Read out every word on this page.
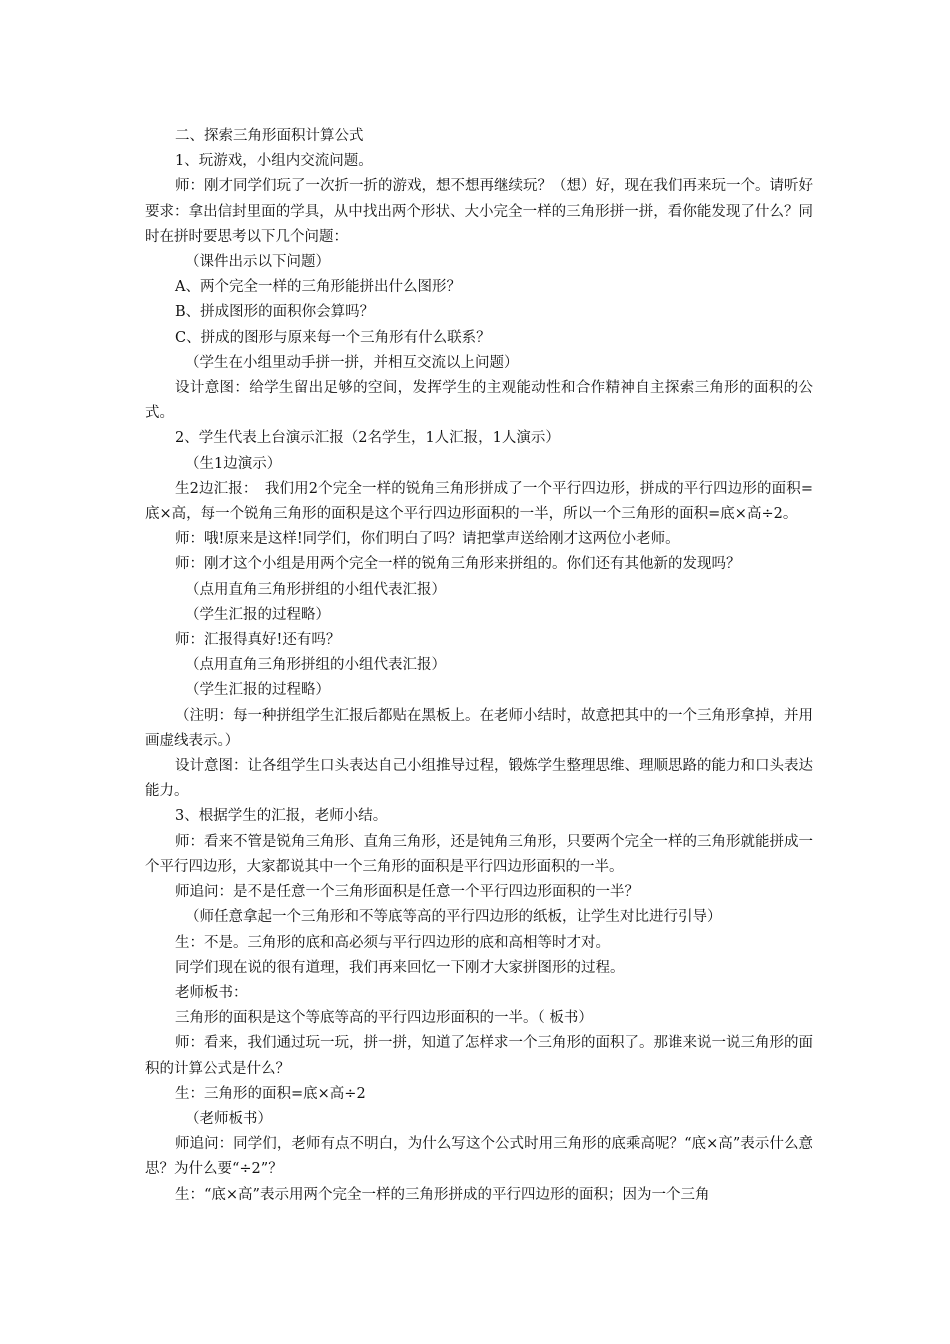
二、探索三角形面积计算公式

1、玩游戏，小组内交流问题。

师：刚才同学们玩了一次折一折的游戏，想不想再继续玩？（想）好，现在我们再来玩一个。请听好要求：拿出信封里面的学具，从中找出两个形状、大小完全一样的三角形拼一拼，看你能发现了什么？同时在拼时要思考以下几个问题：

（课件出示以下问题）

A、两个完全一样的三角形能拼出什么图形？

B、拼成图形的面积你会算吗？

C、拼成的图形与原来每一个三角形有什么联系？

（学生在小组里动手拼一拼，并相互交流以上问题）

设计意图：给学生留出足够的空间，发挥学生的主观能动性和合作精神自主探索三角形的面积的公式。

2、学生代表上台演示汇报（2名学生，1人汇报，1人演示）

（生1边演示）

生2边汇报：　我们用2个完全一样的锐角三角形拼成了一个平行四边形，拼成的平行四边形的面积=底×高，每一个锐角三角形的面积是这个平行四边形面积的一半，所以一个三角形的面积=底×高÷2。

师：哦!原来是这样!同学们，你们明白了吗？请把掌声送给刚才这两位小老师。

师：刚才这个小组是用两个完全一样的锐角三角形来拼组的。你们还有其他新的发现吗？

（点用直角三角形拼组的小组代表汇报）

（学生汇报的过程略）

师：汇报得真好!还有吗？

（点用直角三角形拼组的小组代表汇报）

（学生汇报的过程略）

（注明：每一种拼组学生汇报后都贴在黑板上。在老师小结时，故意把其中的一个三角形拿掉，并用画虚线表示。）

设计意图：让各组学生口头表达自己小组推导过程，锻炼学生整理思维、理顺思路的能力和口头表达能力。

3、根据学生的汇报，老师小结。

师：看来不管是锐角三角形、直角三角形，还是钝角三角形，只要两个完全一样的三角形就能拼成一个平行四边形，大家都说其中一个三角形的面积是平行四边形面积的一半。

师追问：是不是任意一个三角形面积是任意一个平行四边形面积的一半？

（师任意拿起一个三角形和不等底等高的平行四边形的纸板，让学生对比进行引导）

生：不是。三角形的底和高必须与平行四边形的底和高相等时才对。

同学们现在说的很有道理，我们再来回忆一下刚才大家拼图形的过程。

老师板书：

三角形的面积是这个等底等高的平行四边形面积的一半。（ 板书）

师：看来，我们通过玩一玩，拼一拼，知道了怎样求一个三角形的面积了。那谁来说一说三角形的面积的计算公式是什么？

生：三角形的面积=底×高÷2

（老师板书）

师追问：同学们，老师有点不明白，为什么写这个公式时用三角形的底乘高呢？“底×高”表示什么意思？为什么要“÷2”？

生：“底×高”表示用两个完全一样的三角形拼成的平行四边形的面积；因为一个三角
